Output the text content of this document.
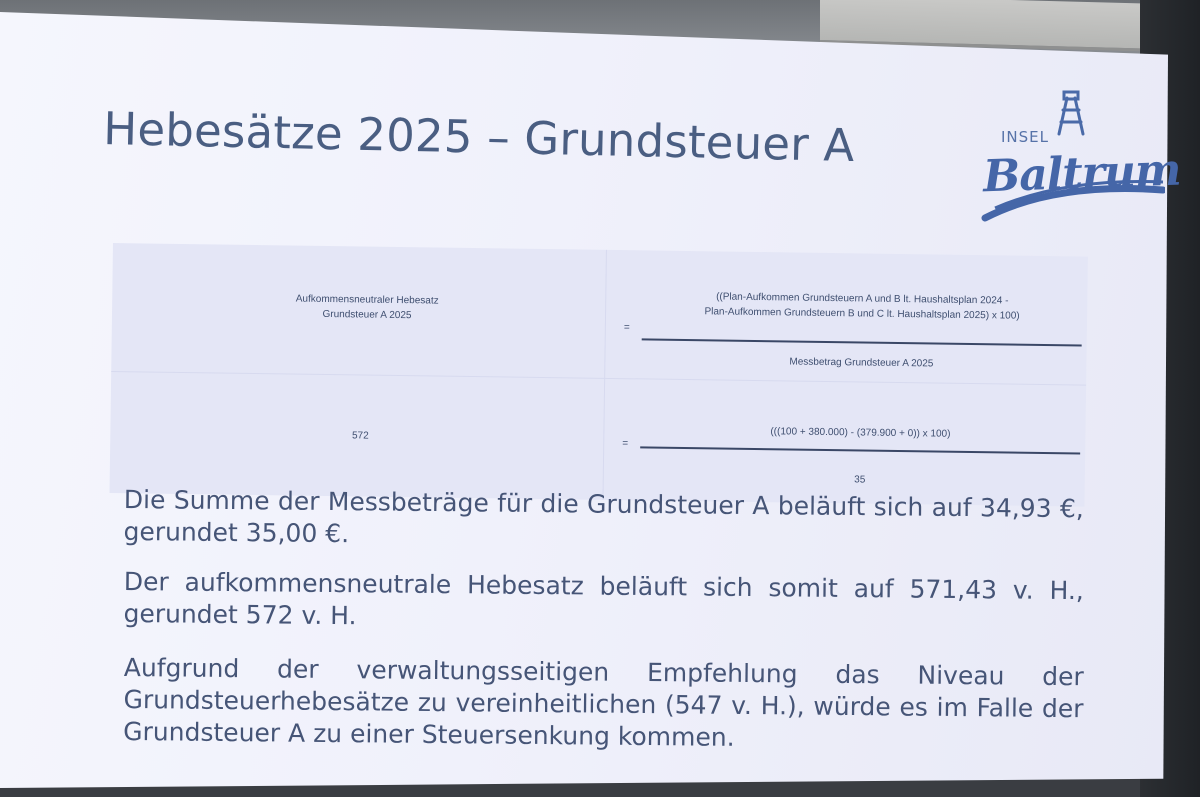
Hebesätze 2025 – Grundsteuer A	INSEL
Baltrum
Aufkommensneutraler Hebesatz
Grundsteuer A 2025
=
((Plan-Aufkommen Grundsteuern A und B lt. Haushaltsplan 2024 -
Plan-Aufkommen Grundsteuern B und C lt. Haushaltsplan 2025) x 100)
Messbetrag Grundsteuer A 2025
572
=
(((100 + 380.000) - (379.900 + 0)) x 100)
35
Die Summe der Messbeträge für die Grundsteuer A beläuft sich auf 34,93 €, gerundet 35,00 €.
Der aufkommensneutrale Hebesatz beläuft sich somit auf 571,43 v. H., gerundet 572 v. H.
Aufgrund der verwaltungsseitigen Empfehlung das Niveau der Grundsteuerhebesätze zu vereinheitlichen (547 v. H.), würde es im Falle der Grundsteuer A zu einer Steuersenkung kommen.
